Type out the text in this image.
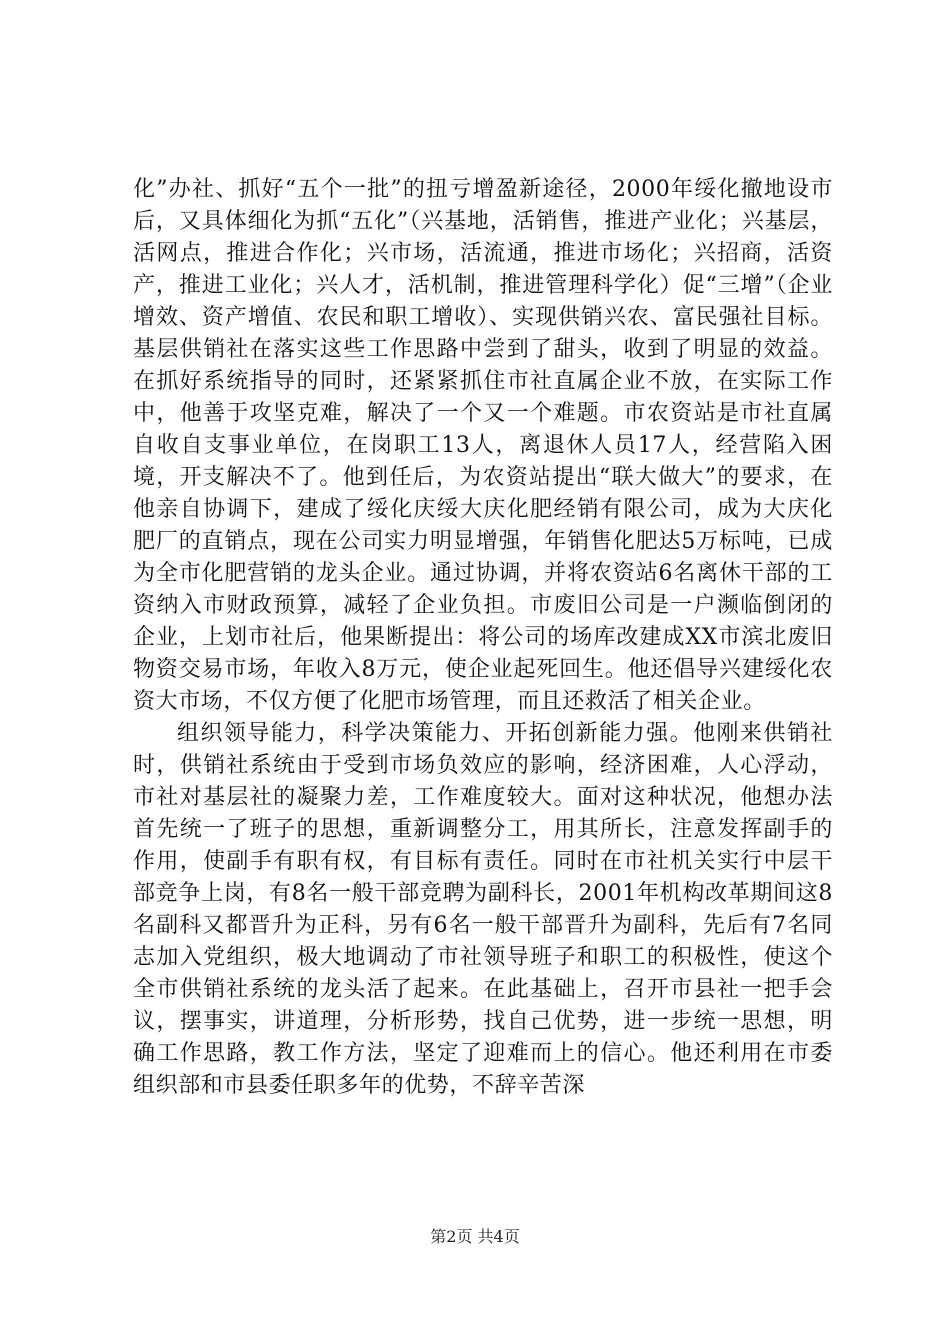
化”办社、抓好“五个一批”的扭亏增盈新途径，2000年绥化撤地设市后，又具体细化为抓“五化”（兴基地，活销售，推进产业化；兴基层，活网点，推进合作化；兴市场，活流通，推进市场化；兴招商，活资产，推进工业化；兴人才，活机制，推进管理科学化）促“三增”（企业增效、资产增值、农民和职工增收）、实现供销兴农、富民强社目标。基层供销社在落实这些工作思路中尝到了甜头，收到了明显的效益。在抓好系统指导的同时，还紧紧抓住市社直属企业不放，在实际工作中，他善于攻坚克难，解决了一个又一个难题。市农资站是市社直属自收自支事业单位，在岗职工13人，离退休人员17人，经营陷入困境，开支解决不了。他到任后，为农资站提出“联大做大”的要求，在他亲自协调下，建成了绥化庆绥大庆化肥经销有限公司，成为大庆化肥厂的直销点，现在公司实力明显增强，年销售化肥达5万标吨，已成为全市化肥营销的龙头企业。通过协调，并将农资站6名离休干部的工资纳入市财政预算，减轻了企业负担。市废旧公司是一户濒临倒闭的企业，上划市社后，他果断提出：将公司的场库改建成XX市滨北废旧物资交易市场，年收入8万元，使企业起死回生。他还倡导兴建绥化农资大市场，不仅方便了化肥市场管理，而且还救活了相关企业。

组织领导能力，科学决策能力、开拓创新能力强。他刚来供销社时，供销社系统由于受到市场负效应的影响，经济困难，人心浮动，市社对基层社的凝聚力差，工作难度较大。面对这种状况，他想办法首先统一了班子的思想，重新调整分工，用其所长，注意发挥副手的作用，使副手有职有权，有目标有责任。同时在市社机关实行中层干部竞争上岗，有8名一般干部竞聘为副科长，2001年机构改革期间这8名副科又都晋升为正科，另有6名一般干部晋升为副科，先后有7名同志加入党组织，极大地调动了市社领导班子和职工的积极性，使这个全市供销社系统的龙头活了起来。在此基础上，召开市县社一把手会议，摆事实，讲道理，分析形势，找自己优势，进一步统一思想，明确工作思路，教工作方法，坚定了迎难而上的信心。他还利用在市委组织部和市县委任职多年的优势，不辞辛苦深

第2页 共4页
